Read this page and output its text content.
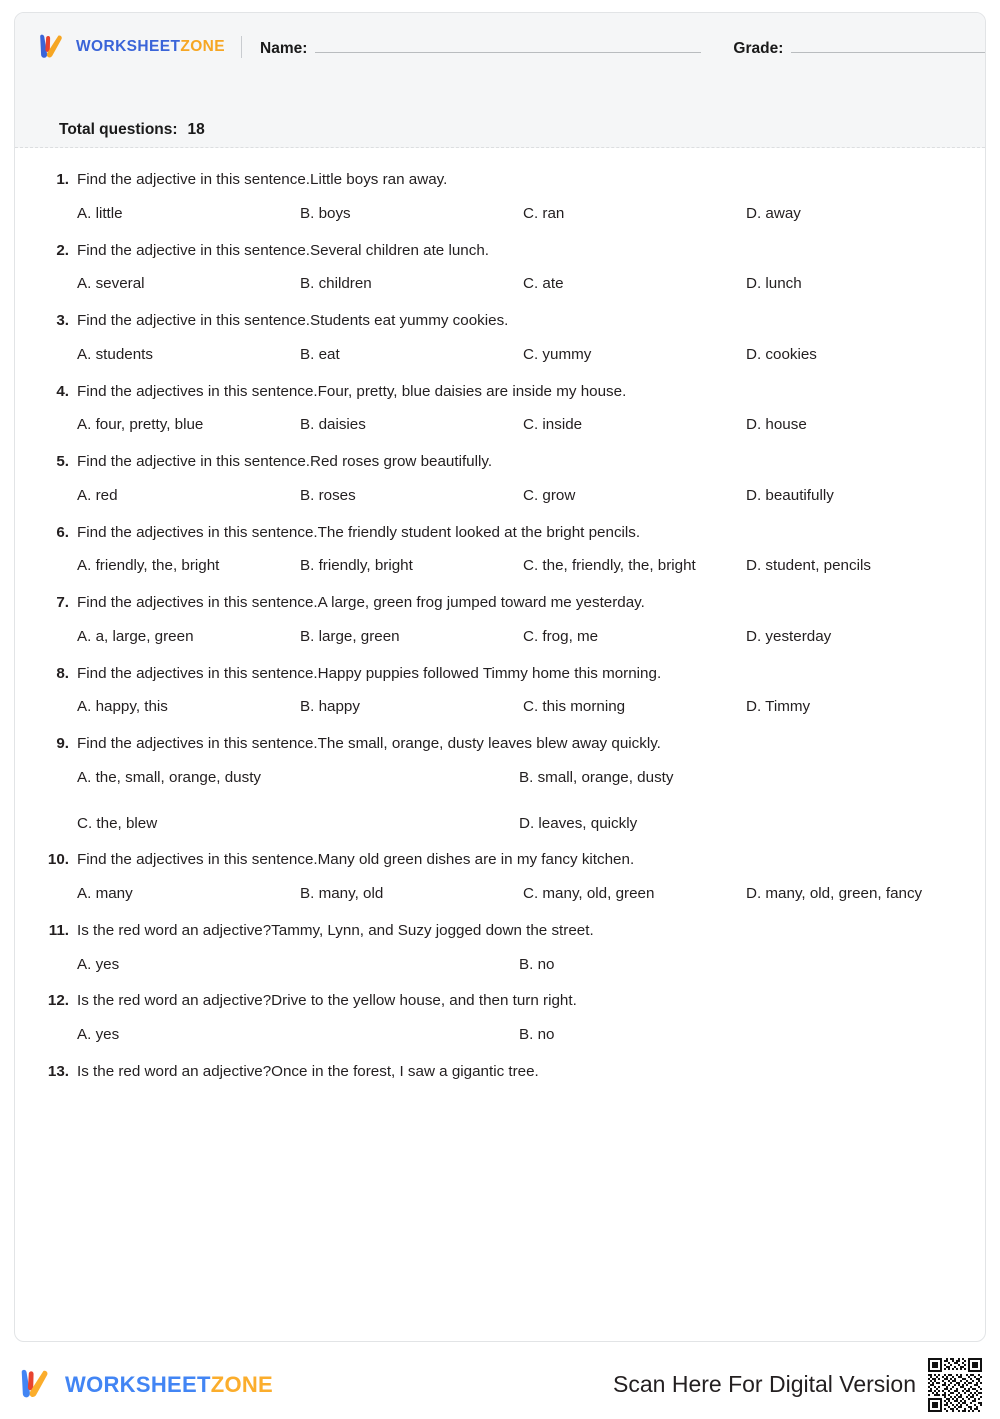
WORKSHEETZONE Name:	Grade:
Total questions: 18
1. Find the adjective in this sentence.Little boys ran away.
A. little	B. boys	C. ran	D. away
2. Find the adjective in this sentence.Several children ate lunch.
A. several	B. children	C. ate	D. lunch
3. Find the adjective in this sentence.Students eat yummy cookies.
A. students	B. eat	C. yummy	D. cookies
4. Find the adjectives in this sentence.Four, pretty, blue daisies are inside my house.
A. four, pretty, blue	B. daisies	C. inside	D. house
5. Find the adjective in this sentence.Red roses grow beautifully.
A. red	B. roses	C. grow	D. beautifully
6. Find the adjectives in this sentence.The friendly student looked at the bright pencils.
A. friendly, the, bright	B. friendly, bright	C. the, friendly, the, bright	D. student, pencils
7. Find the adjectives in this sentence.A large, green frog jumped toward me yesterday.
A. a, large, green	B. large, green	C. frog, me	D. yesterday
8. Find the adjectives in this sentence.Happy puppies followed Timmy home this morning.
A. happy, this	B. happy	C. this morning	D. Timmy
9. Find the adjectives in this sentence.The small, orange, dusty leaves blew away quickly.
A. the, small, orange, dusty	B. small, orange, dusty
C. the, blew	D. leaves, quickly
10. Find the adjectives in this sentence.Many old green dishes are in my fancy kitchen.
A. many	B. many, old	C. many, old, green	D. many, old, green, fancy
11. Is the red word an adjective?Tammy, Lynn, and Suzy jogged down the street.
A. yes	B. no
12. Is the red word an adjective?Drive to the yellow house, and then turn right.
A. yes	B. no
13. Is the red word an adjective?Once in the forest, I saw a gigantic tree.
WORKSHEETZONE	Scan Here For Digital Version
